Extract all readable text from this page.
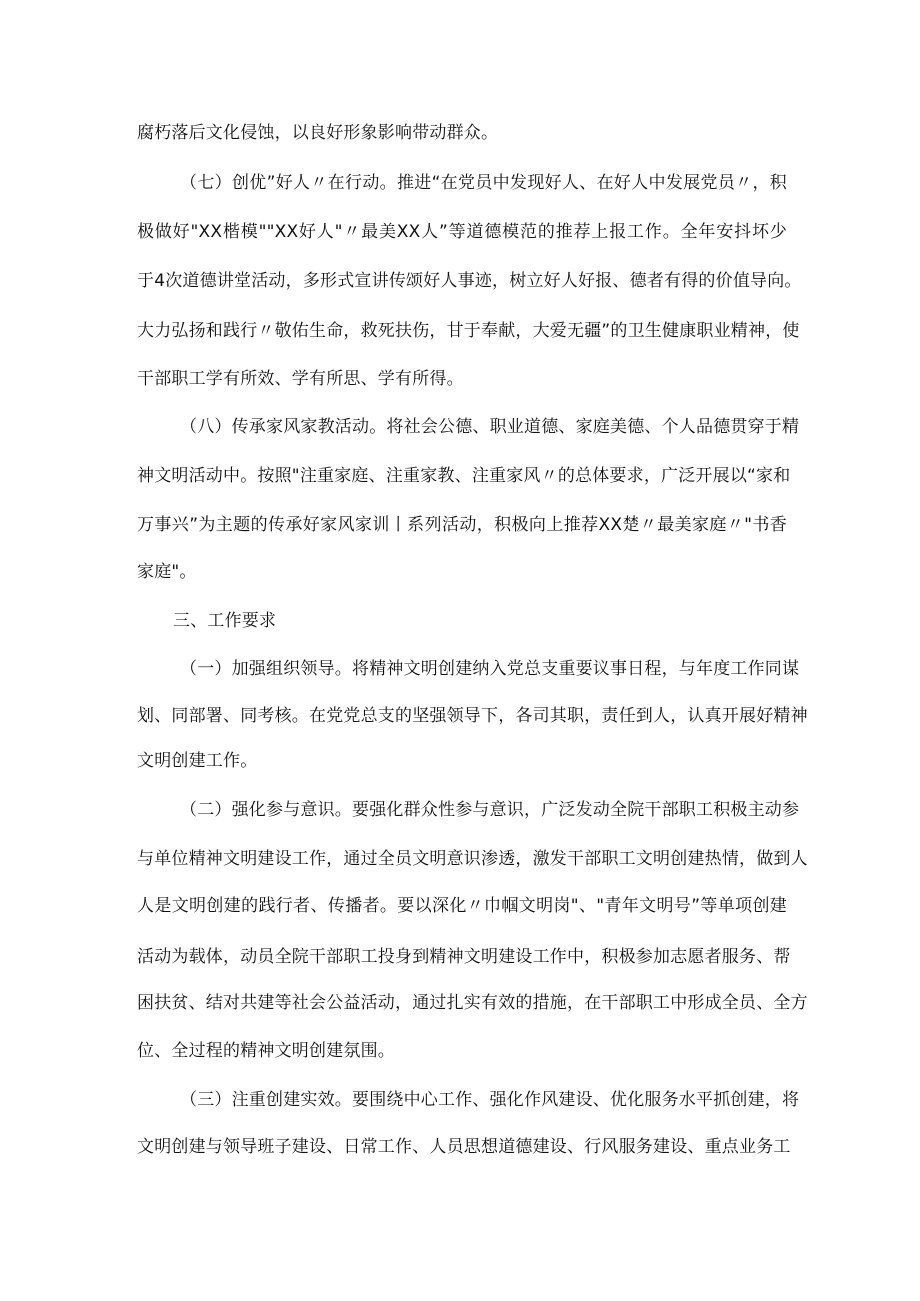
腐朽落后文化侵蚀，以良好形象影响带动群众。
（七）创优”好人〃在行动。推进“在党员中发现好人、在好人中发展党员〃，积
极做好"XX楷模""XX好人"〃最美XX人”等道德模范的推荐上报工作。全年安抖坏少
于4次道德讲堂活动，多形式宣讲传颂好人事迹，树立好人好报、德者有得的价值导向。
大力弘扬和践行〃敬佑生命，救死扶伤，甘于奉献，大爱无疆”的卫生健康职业精神，使
干部职工学有所效、学有所思、学有所得。
（八）传承家风家教活动。将社会公德、职业道德、家庭美德、个人品德贯穿于精
神文明活动中。按照"注重家庭、注重家教、注重家风〃的总体要求，广泛开展以“家和
万事兴”为主题的传承好家风家训丨系列活动，积极向上推荐XX楚〃最美家庭〃"书香
家庭"。
三、工作要求
（一）加强组织领导。将精神文明创建纳入党总支重要议事日程，与年度工作同谋
划、同部署、同考核。在党党总支的坚强领导下，各司其职，责任到人，认真开展好精神
文明创建工作。
（二）强化参与意识。要强化群众性参与意识，广泛发动全院干部职工积极主动参
与单位精神文明建设工作，通过全员文明意识渗透，激发干部职工文明创建热情，做到人
人是文明创建的践行者、传播者。要以深化〃巾帼文明岗"、"青年文明号”等单项创建
活动为载体，动员全院干部职工投身到精神文明建设工作中，积极参加志愿者服务、帮
困扶贫、结对共建等社会公益活动，通过扎实有效的措施，在干部职工中形成全员、全方
位、全过程的精神文明创建氛围。
（三）注重创建实效。要围绕中心工作、强化作风建设、优化服务水平抓创建，将
文明创建与领导班子建设、日常工作、人员思想道德建设、行风服务建设、重点业务工
